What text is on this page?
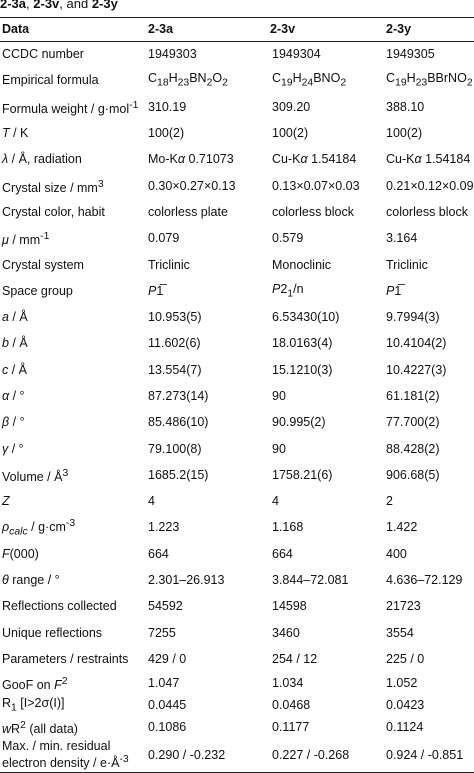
2-3a, 2-3v, and 2-3y
Data	2-3a	2-3v	2-3y
CCDC number	1949303	1949304	1949305
Empirical formula	$C_{18}H_{23}BN_2O_2$	$C_{19}H_{24}BNO_2$	$C_{19}H_{23}BBrNO_2$
Formula weight / g·mol$^{-1}$	310.19	309.20	388.10
T / K	100(2)	100(2)	100(2)
λ / Å, radiation	Mo-Kα 0.71073	Cu-Kα 1.54184	Cu-Kα 1.54184
Crystal size / $mm^3$	0.30×0.27×0.13	0.13×0.07×0.03	0.21×0.12×0.09
Crystal color, habit	colorless plate	colorless block	colorless block
μ / $mm^{-1}$	0.079	0.579	3.164
Crystal system	Triclinic	Monoclinic	Triclinic
Space group	P1̅	$P2_1/n$	P1̅
a / Å	10.953(5)	6.53430(10)	9.7994(3)
b / Å	11.602(6)	18.0163(4)	10.4104(2)
c / Å	13.554(7)	15.1210(3)	10.4227(3)
α / °	87.273(14)	90	61.181(2)
β / °	85.486(10)	90.995(2)	77.700(2)
γ / °	79.100(8)	90	88.428(2)
Volume / $Å^3$	1685.2(15)	1758.21(6)	906.68(5)
Z	4	4	2
$\rho_{calc} / g\cdot cm^{-3}$	1.223	1.168	1.422
F(000)	664	664	400
θ range / °	2.301–26.913	3.844–72.081	4.636–72.129
Reflections collected	54592	14598	21723
Unique reflections	7255	3460	3554
Parameters / restraints	429 / 0	254 / 12	225 / 0
GooF on $F^2$	1.047	1.034	1.052
$R_1$ [I>2σ(I)]	0.0445	0.0468	0.0423
$wR^2$ (all data)	0.1086	0.1177	0.1124
Max. / min. residual
electron density / $e\cdot Å^{-3}$	0.290 / -0.232	0.227 / -0.268	0.924 / -0.851
